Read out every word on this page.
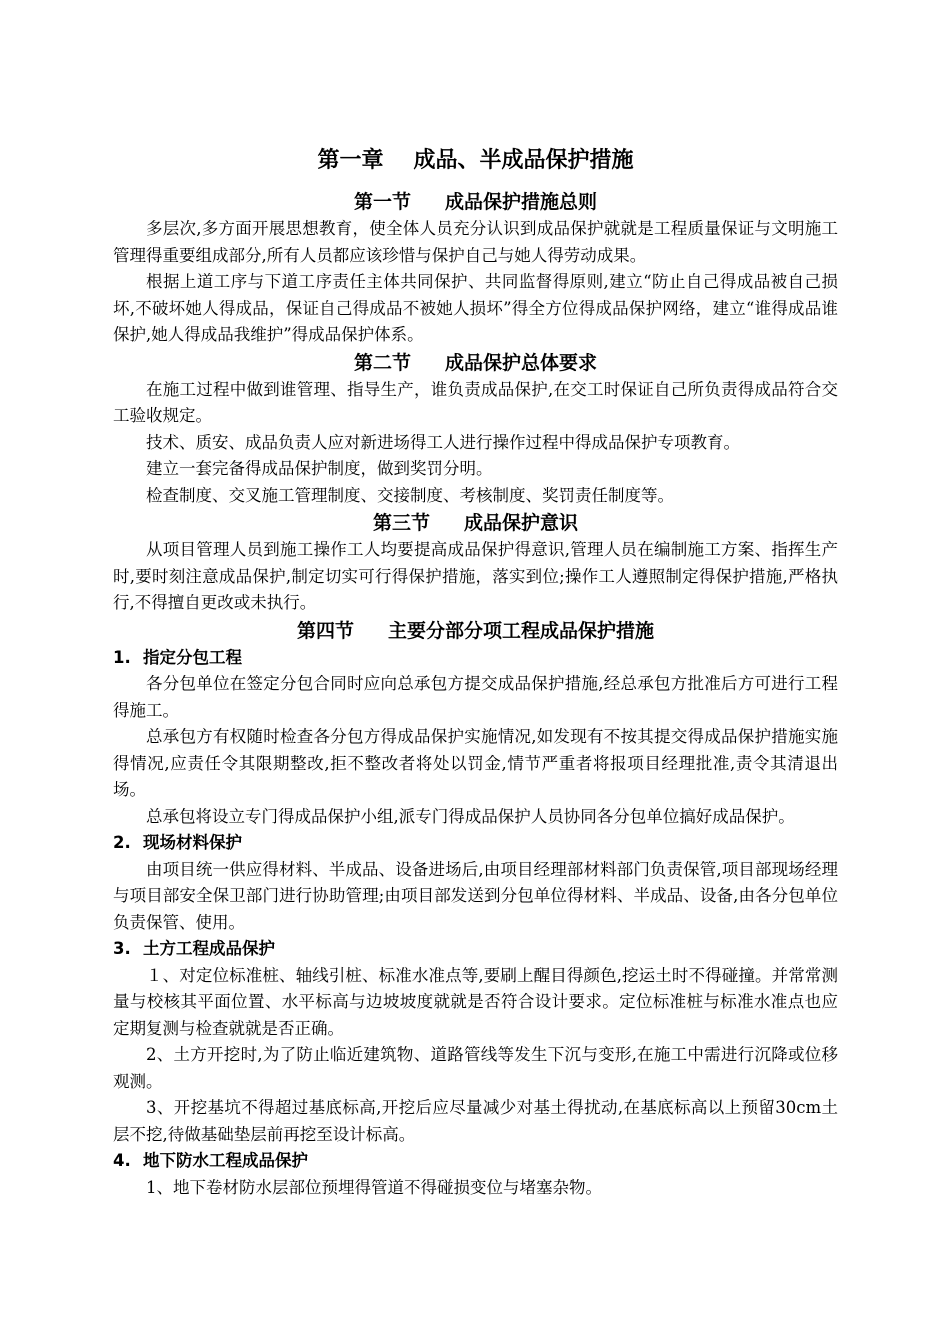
第一章 成品、半成品保护措施
第一节 成品保护措施总则

多层次,多方面开展思想教育，使全体人员充分认识到成品保护就就是工程质量保证与文明施工管理得重要组成部分,所有人员都应该珍惜与保护自己与她人得劳动成果。

根据上道工序与下道工序责任主体共同保护、共同监督得原则,建立“防止自己得成品被自己损坏,不破坏她人得成品，保证自己得成品不被她人损坏”得全方位得成品保护网络，建立“谁得成品谁保护,她人得成品我维护”得成品保护体系。

第二节 成品保护总体要求

在施工过程中做到谁管理、指导生产，谁负责成品保护,在交工时保证自己所负责得成品符合交工验收规定。

技术、质安、成品负责人应对新进场得工人进行操作过程中得成品保护专项教育。

建立一套完备得成品保护制度，做到奖罚分明。

检查制度、交叉施工管理制度、交接制度、考核制度、奖罚责任制度等。

第三节 成品保护意识

从项目管理人员到施工操作工人均要提高成品保护得意识,管理人员在编制施工方案、指挥生产时,要时刻注意成品保护,制定切实可行得保护措施，落实到位;操作工人遵照制定得保护措施,严格执行,不得擅自更改或未执行。

第四节 主要分部分项工程成品保护措施
1. 指定分包工程

各分包单位在签定分包合同时应向总承包方提交成品保护措施,经总承包方批准后方可进行工程得施工。

总承包方有权随时检查各分包方得成品保护实施情况,如发现有不按其提交得成品保护措施实施得情况,应责任令其限期整改,拒不整改者将处以罚金,情节严重者将报项目经理批准,责令其清退出场。

总承包将设立专门得成品保护小组,派专门得成品保护人员协同各分包单位搞好成品保护。

2. 现场材料保护

由项目统一供应得材料、半成品、设备进场后,由项目经理部材料部门负责保管,项目部现场经理与项目部安全保卫部门进行协助管理;由项目部发送到分包单位得材料、半成品、设备,由各分包单位负责保管、使用。

3. 土方工程成品保护

１、对定位标准桩、轴线引桩、标准水准点等,要刷上醒目得颜色,挖运土时不得碰撞。并常常测量与校核其平面位置、水平标高与边坡坡度就就是否符合设计要求。定位标准桩与标准水准点也应定期复测与检查就就是否正确。

2、土方开挖时,为了防止临近建筑物、道路管线等发生下沉与变形,在施工中需进行沉降或位移观测。

3、开挖基坑不得超过基底标高,开挖后应尽量减少对基土得扰动,在基底标高以上预留30cm土层不挖,待做基础垫层前再挖至设计标高。

4. 地下防水工程成品保护

1、地下卷材防水层部位预埋得管道不得碰损变位与堵塞杂物。
